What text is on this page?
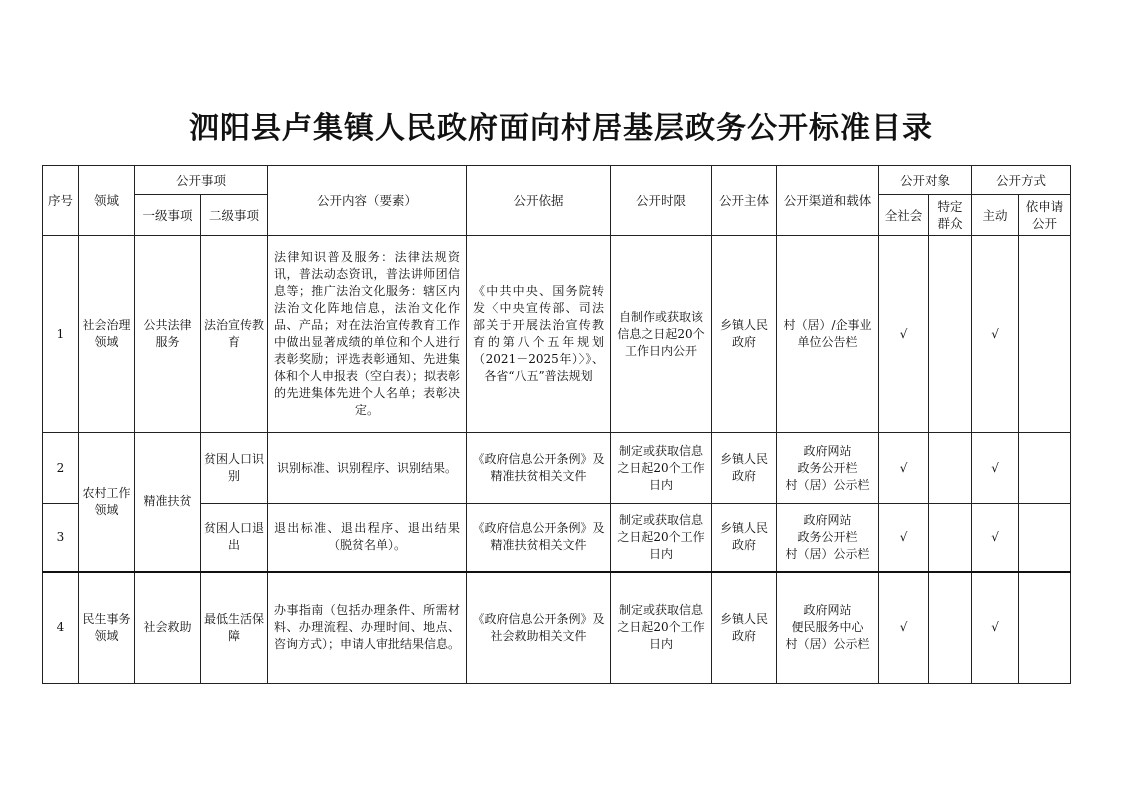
泗阳县卢集镇人民政府面向村居基层政务公开标准目录
序号	领域	公开事项		公开内容（要素）	公开依据	公开时限	公开主体	公开渠道和载体	公开对象		公开方式	
		一级事项	二级事项						全社会	特定群众	主动	依申请公开
1	社会治理领域	公共法律服务	法治宣传教育	法律知识普及服务：法律法规资讯，普法动态资讯，普法讲师团信息等；推广法治文化服务：辖区内法治文化阵地信息，法治文化作品、产品；对在法治宣传教育工作中做出显著成绩的单位和个人进行表彰奖励；评选表彰通知、先进集体和个人申报表（空白表）；拟表彰的先进集体先进个人名单；表彰决定。	《中共中央、国务院转发〈中央宣传部、司法部关于开展法治宣传教育的第八个五年规划（2021－2025年）〉》、各省“八五”普法规划	自制作或获取该信息之日起20个工作日内公开	乡镇人民政府	村（居）/企事业单位公告栏	√		√	
2	农村工作领域	精准扶贫	贫困人口识别	识别标准、识别程序、识别结果。	《政府信息公开条例》及精准扶贫相关文件	制定或获取信息之日起20个工作日内	乡镇人民政府	政府网站
政务公开栏
村（居）公示栏	√		√	
3			贫困人口退出	退出标准、退出程序、退出结果（脱贫名单）。	《政府信息公开条例》及精准扶贫相关文件	制定或获取信息之日起20个工作日内	乡镇人民政府	政府网站
政务公开栏
村（居）公示栏	√		√	
4	民生事务领域	社会救助	最低生活保障	办事指南（包括办理条件、所需材料、办理流程、办理时间、地点、咨询方式）；申请人审批结果信息。	《政府信息公开条例》及社会救助相关文件	制定或获取信息之日起20个工作日内	乡镇人民政府	政府网站
便民服务中心
村（居）公示栏	√		√	
